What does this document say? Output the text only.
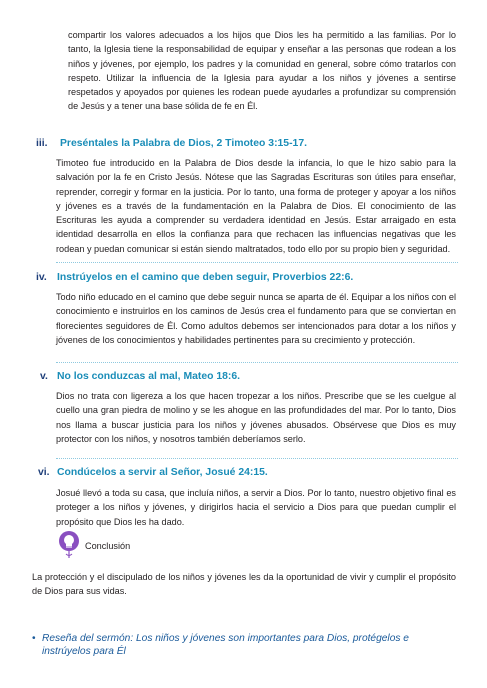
compartir los valores adecuados a los hijos que Dios les ha permitido a las familias. Por lo tanto, la Iglesia tiene la responsabilidad de equipar y enseñar a las personas que rodean a los niños y jóvenes, por ejemplo, los padres y la comunidad en general, sobre cómo tratarlos con respeto. Utilizar la influencia de la Iglesia para ayudar a los niños y jóvenes a sentirse respetados y apoyados por quienes les rodean puede ayudarles a profundizar su comprensión de Jesús y a tener una base sólida de fe en Él.

iii. Preséntales la Palabra de Dios, 2 Timoteo 3:15-17.

Timoteo fue introducido en la Palabra de Dios desde la infancia, lo que le hizo sabio para la salvación por la fe en Cristo Jesús. Nótese que las Sagradas Escrituras son útiles para enseñar, reprender, corregir y formar en la justicia. Por lo tanto, una forma de proteger y apoyar a los niños y jóvenes es a través de la fundamentación en la Palabra de Dios. El conocimiento de las Escrituras les ayuda a comprender su verdadera identidad en Jesús. Estar arraigado en esta identidad desarrolla en ellos la confianza para que rechacen las influencias negativas que les rodean y puedan comunicar si están siendo maltratados, todo ello por su propio bien y seguridad.

iv. Instrúyelos en el camino que deben seguir, Proverbios 22:6.

Todo niño educado en el camino que debe seguir nunca se aparta de él. Equipar a los niños con el conocimiento e instruirlos en los caminos de Jesús crea el fundamento para que se conviertan en florecientes seguidores de Él. Como adultos debemos ser intencionados para dotar a los niños y jóvenes de los conocimientos y habilidades pertinentes para su crecimiento y protección.

v. No los conduzcas al mal, Mateo 18:6.

Dios no trata con ligereza a los que hacen tropezar a los niños. Prescribe que se les cuelgue al cuello una gran piedra de molino y se les ahogue en las profundidades del mar. Por lo tanto, Dios nos llama a buscar justicia para los niños y jóvenes abusados. Obsérvese que Dios es muy protector con los niños, y nosotros también deberíamos serlo.

vi. Condúcelos a servir al Señor, Josué 24:15.

Josué llevó a toda su casa, que incluía niños, a servir a Dios. Por lo tanto, nuestro objetivo final es proteger a los niños y jóvenes, y dirigirlos hacia el servicio a Dios para que puedan cumplir el propósito que Dios les ha dado.

Conclusión

La protección y el discipulado de los niños y jóvenes les da la oportunidad de vivir y cumplir el propósito de Dios para sus vidas.

• Reseña del sermón: Los niños y jóvenes son importantes para Dios, protégelos e instrúyelos para Él
